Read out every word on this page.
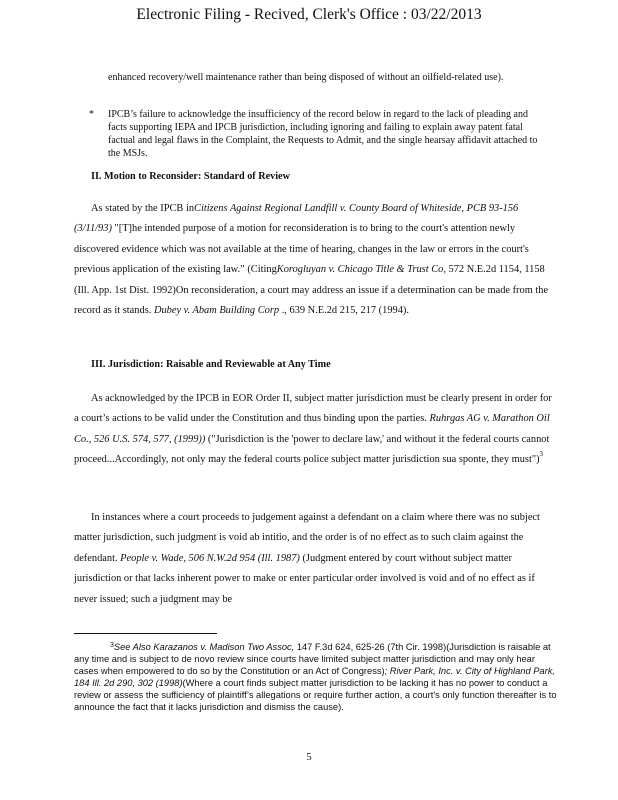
Electronic Filing - Recived, Clerk's Office : 03/22/2013

enhanced recovery/well maintenance rather than being disposed of without an oilfield-related use).

* IPCB’s failure to acknowledge the insufficiency of the record below in regard to the lack of pleading and facts supporting IEPA and IPCB jurisdiction, including ignoring and failing to explain away patent fatal factual and legal flaws in the Complaint, the Requests to Admit, and the single hearsay affidavit attached to the MSJs.

II. Motion to Reconsider: Standard of Review

As stated by the IPCB inCitizens Against Regional Landfill v. County Board of Whiteside, PCB 93-156 (3/11/93) "[T]he intended purpose of a motion for reconsideration is to bring to the court's attention newly discovered evidence which was not available at the time of hearing, changes in the law or errors in the court's previous application of the existing law.” (CitingKorogluyan v. Chicago Title & Trust Co, 572 N.E.2d 1154, 1158 (Ill. App. 1st Dist. 1992)On reconsideration, a court may address an issue if a determination can be made from the record as it stands. Dubey v. Abam Building Corp ., 639 N.E.2d 215, 217 (1994).

III. Jurisdiction: Raisable and Reviewable at Any Time

As acknowledged by the IPCB in EOR Order II, subject matter jurisdiction must be clearly present in order for a court’s actions to be valid under the Constitution and thus binding upon the parties. Ruhrgas AG v. Marathon Oil Co., 526 U.S. 574, 577, (1999)) ("Jurisdiction is the 'power to declare law,' and without it the federal courts cannot proceed...Accordingly, not only may the federal courts police subject matter jurisdiction sua sponte, they must")$^3$

In instances where a court proceeds to judgement against a defendant on a claim where there was no subject matter jurisdiction, such judgment is void ab intitio, and the order is of no effect as to such claim against the defendant. People v. Wade, 506 N.W.2d 954 (Ill. 1987) (Judgment entered by court without subject matter jurisdiction or that lacks inherent power to make or enter particular order involved is void and of no effect as if never issued; such a judgment may be

$^3$See Also Karazanos v. Madison Two Assoc, 147 F.3d 624, 625-26 (7th Cir. 1998)(Jurisdiction is raisable at any time and is subject to de novo review since courts have limited subject matter jurisdiction and may only hear cases when empowered to do so by the Constitution or an Act of Congress); River Park, Inc. v. City of Highland Park, 184 Ill. 2d 290, 302 (1998)(Where a court finds subject matter jurisdiction to be lacking it has no power to conduct a review or assess the sufficiency of plaintiff’s allegations or require further action, a court's only function thereafter is to announce the fact that it lacks jurisdiction and dismiss the cause).

5
